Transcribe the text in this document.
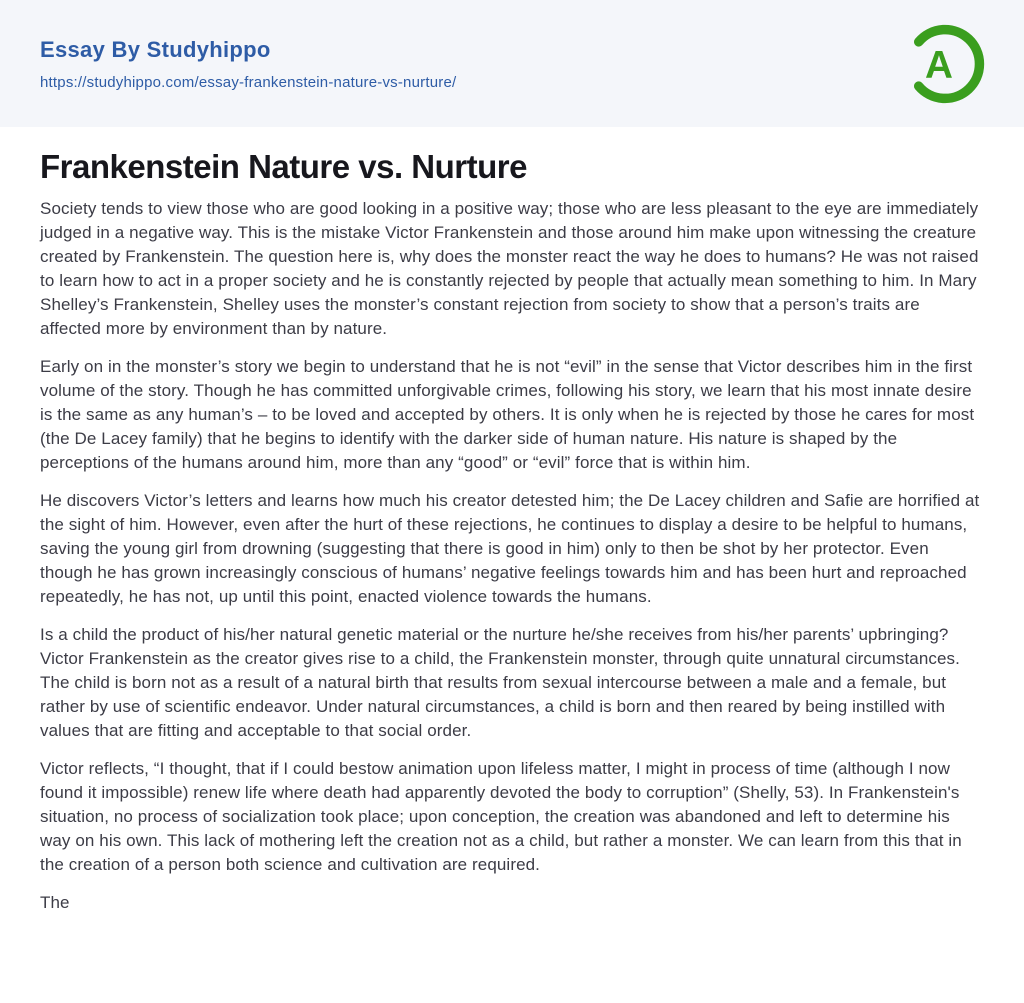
Essay By Studyhippo
https://studyhippo.com/essay-frankenstein-nature-vs-nurture/	A
Frankenstein Nature vs. Nurture

Society tends to view those who are good looking in a positive way; those who are less pleasant to the eye are immediately judged in a negative way. This is the mistake Victor Frankenstein and those around him make upon witnessing the creature created by Frankenstein. The question here is, why does the monster react the way he does to humans? He was not raised to learn how to act in a proper society and he is constantly rejected by people that actually mean something to him. In Mary Shelley’s Frankenstein, Shelley uses the monster’s constant rejection from society to show that a person’s traits are affected more by environment than by nature.

Early on in the monster’s story we begin to understand that he is not “evil” in the sense that Victor describes him in the first volume of the story. Though he has committed unforgivable crimes, following his story, we learn that his most innate desire is the same as any human’s – to be loved and accepted by others. It is only when he is rejected by those he cares for most (the De Lacey family) that he begins to identify with the darker side of human nature. His nature is shaped by the perceptions of the humans around him, more than any “good” or “evil” force that is within him.

He discovers Victor’s letters and learns how much his creator detested him; the De Lacey children and Safie are horrified at the sight of him. However, even after the hurt of these rejections, he continues to display a desire to be helpful to humans, saving the young girl from drowning (suggesting that there is good in him) only to then be shot by her protector. Even though he has grown increasingly conscious of humans’ negative feelings towards him and has been hurt and reproached repeatedly, he has not, up until this point, enacted violence towards the humans.

Is a child the product of his/her natural genetic material or the nurture he/she receives from his/her parents’ upbringing? Victor Frankenstein as the creator gives rise to a child, the Frankenstein monster, through quite unnatural circumstances. The child is born not as a result of a natural birth that results from sexual intercourse between a male and a female, but rather by use of scientific endeavor. Under natural circumstances, a child is born and then reared by being instilled with values that are fitting and acceptable to that social order.

Victor reflects, “I thought, that if I could bestow animation upon lifeless matter, I might in process of time (although I now found it impossible) renew life where death had apparently devoted the body to corruption” (Shelly, 53). In Frankenstein's situation, no process of socialization took place; upon conception, the creation was abandoned and left to determine his way on his own. This lack of mothering left the creation not as a child, but rather a monster. We can learn from this that in the creation of a person both science and cultivation are required.

The
